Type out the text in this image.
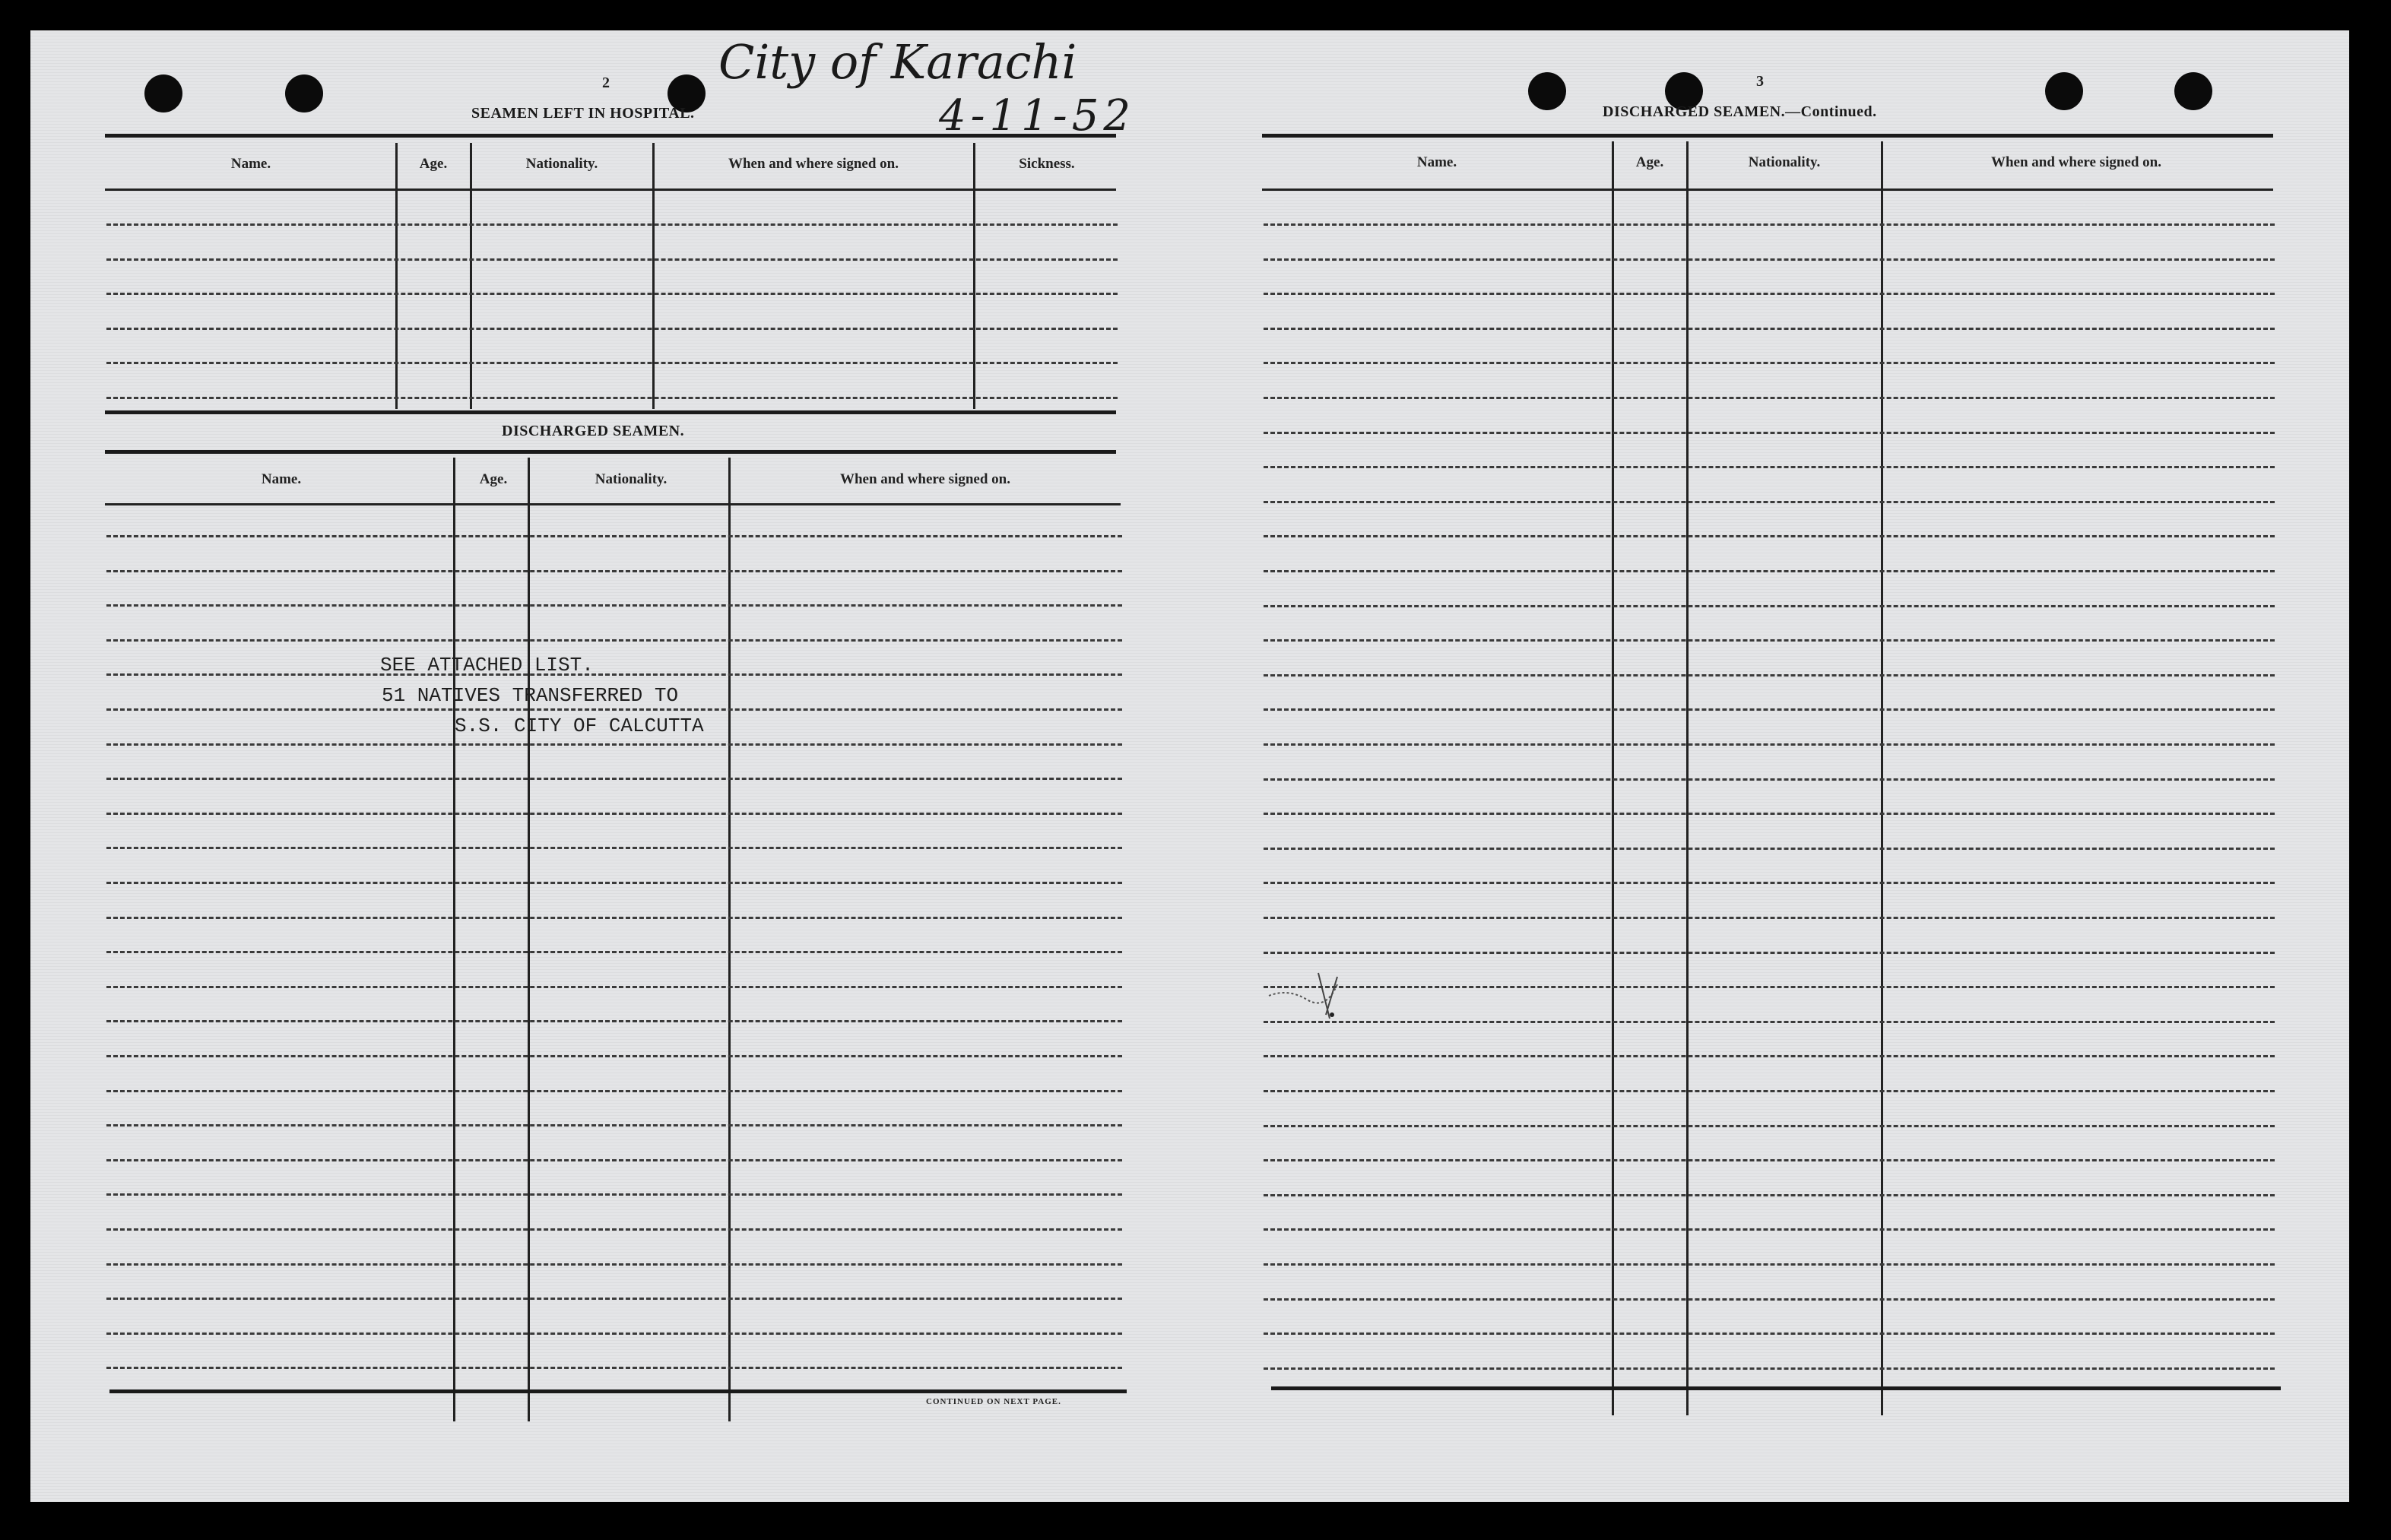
City of Karachi
4-11-52
2
SEAMEN LEFT IN HOSPITAL.
Name.	Age.	Nationality.	When and where signed on.	Sickness.
DISCHARGED SEAMEN.
Name.	Age.	Nationality.	When and where signed on.
CONTINUED ON NEXT PAGE.
SEE ATTACHED LIST.
51 NATIVES TRANSFERRED TO
S.S. CITY OF CALCUTTA
3
DISCHARGED SEAMEN.—Continued.
Name.	Age.	Nationality.	When and where signed on.
